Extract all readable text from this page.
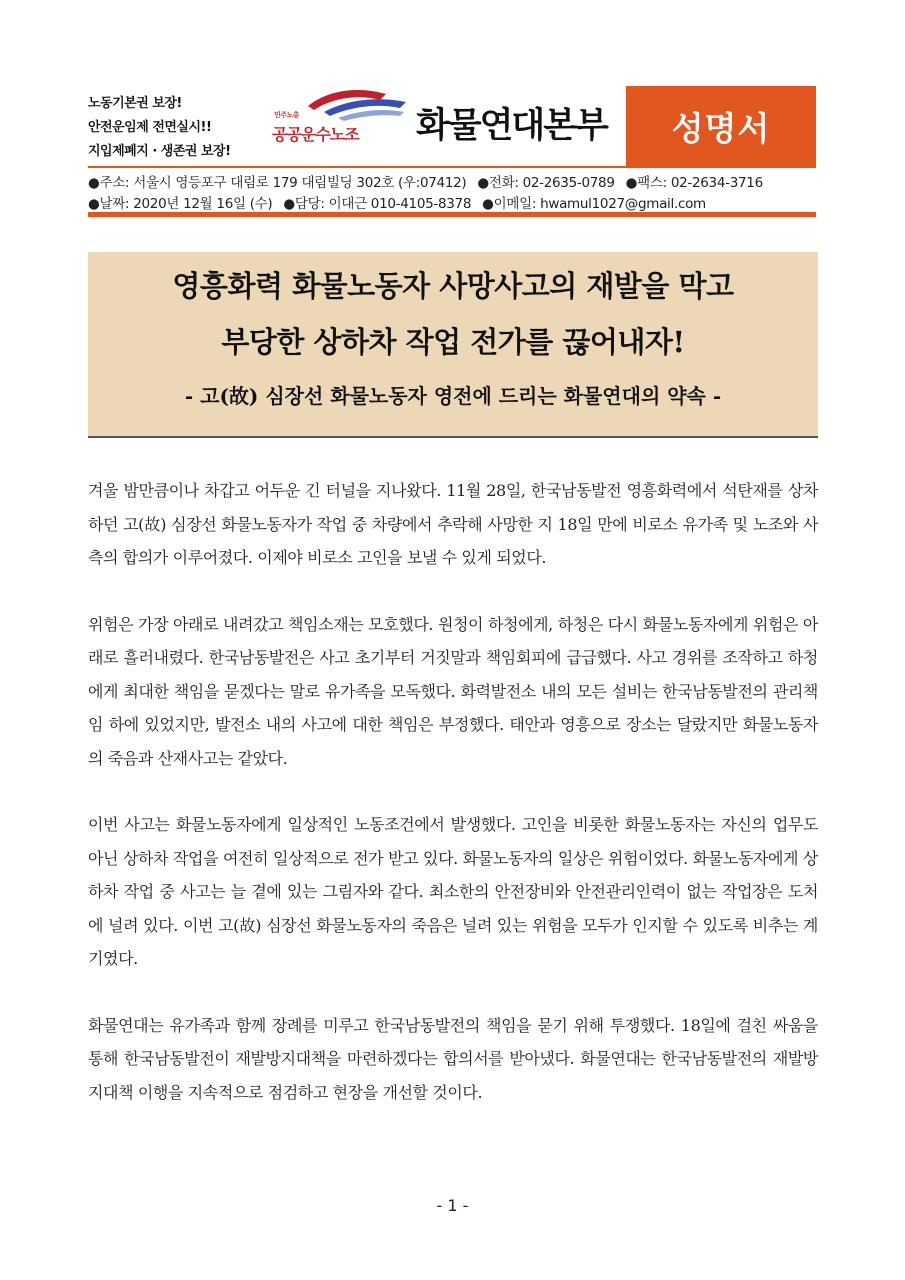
노동기본권 보장!
안전운임제 전면실시!!
지입제폐지 · 생존권 보장!
민주노총
공공운수노조 화물연대본부 성명서
●주소: 서울시 영등포구 대림로 179 대림빌딩 302호 (우:07412) ●전화: 02-2635-0789 ●팩스: 02-2634-3716
●날짜: 2020년 12월 16일 (수) ●담당: 이대근 010-4105-8378 ●이메일: hwamul1027@gmail.com
영흥화력 화물노동자 사망사고의 재발을 막고
부당한 상하차 작업 전가를 끊어내자!
- 고(故) 심장선 화물노동자 영전에 드리는 화물연대의 약속 -

겨울 밤만큼이나 차갑고 어두운 긴 터널을 지나왔다. 11월 28일, 한국남동발전 영흥화력에서 석탄재를 상차하던 고(故) 심장선 화물노동자가 작업 중 차량에서 추락해 사망한 지 18일 만에 비로소 유가족 및 노조와 사측의 합의가 이루어졌다. 이제야 비로소 고인을 보낼 수 있게 되었다.

위험은 가장 아래로 내려갔고 책임소재는 모호했다. 원청이 하청에게, 하청은 다시 화물노동자에게 위험은 아래로 흘러내렸다. 한국남동발전은 사고 초기부터 거짓말과 책임회피에 급급했다. 사고 경위를 조작하고 하청에게 최대한 책임을 묻겠다는 말로 유가족을 모독했다. 화력발전소 내의 모든 설비는 한국남동발전의 관리책임 하에 있었지만, 발전소 내의 사고에 대한 책임은 부정했다. 태안과 영흥으로 장소는 달랐지만 화물노동자의 죽음과 산재사고는 같았다.

이번 사고는 화물노동자에게 일상적인 노동조건에서 발생했다. 고인을 비롯한 화물노동자는 자신의 업무도 아닌 상하차 작업을 여전히 일상적으로 전가 받고 있다. 화물노동자의 일상은 위험이었다. 화물노동자에게 상하차 작업 중 사고는 늘 곁에 있는 그림자와 같다. 최소한의 안전장비와 안전관리인력이 없는 작업장은 도처에 널려 있다. 이번 고(故) 심장선 화물노동자의 죽음은 널려 있는 위험을 모두가 인지할 수 있도록 비추는 계기였다.

화물연대는 유가족과 함께 장례를 미루고 한국남동발전의 책임을 묻기 위해 투쟁했다. 18일에 걸친 싸움을 통해 한국남동발전이 재발방지대책을 마련하겠다는 합의서를 받아냈다. 화물연대는 한국남동발전의 재발방지대책 이행을 지속적으로 점검하고 현장을 개선할 것이다.

- 1 -
